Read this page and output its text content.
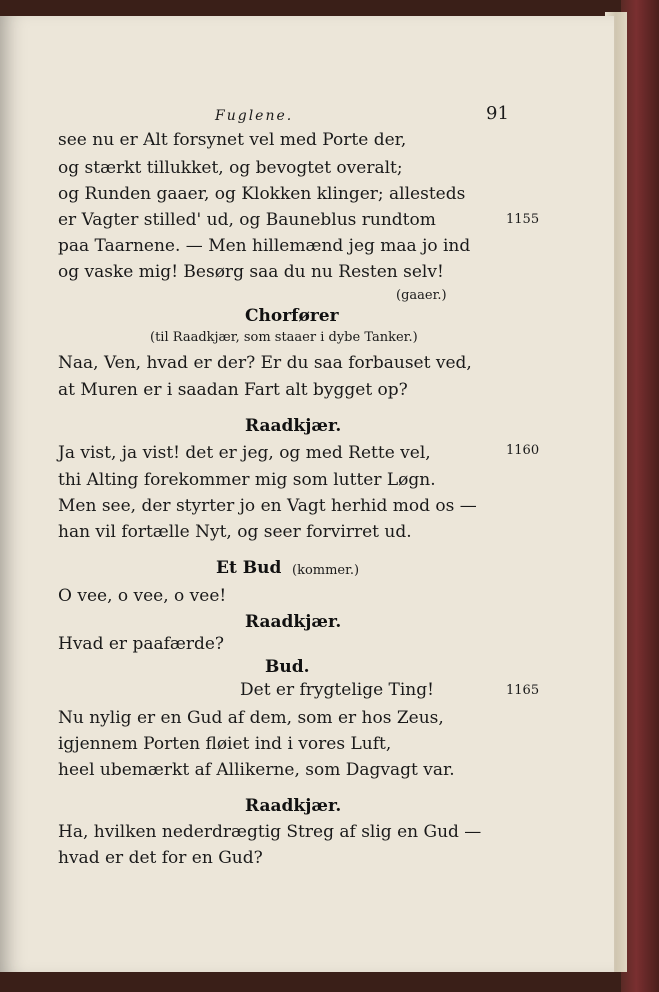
Fuglene.	91
see nu er Alt forsynet vel med Porte der,
og stærkt tillukket, og bevogtet overalt;
og Runden gaaer, og Klokken klinger; allesteds
er Vagter stilled' ud, og Bauneblus rundtom	1155
paa Taarnene. — Men hillemænd jeg maa jo ind
og vaske mig! Besørg saa du nu Resten selv!
(gaaer.)
Chorfører
(til Raadkjær, som staaer i dybe Tanker.)
Naa, Ven, hvad er der? Er du saa forbauset ved,
at Muren er i saadan Fart alt bygget op?
Raadkjær.
Ja vist, ja vist! det er jeg, og med Rette vel,	1160
thi Alting forekommer mig som lutter Løgn.
Men see, der styrter jo en Vagt herhid mod os —
han vil fortælle Nyt, og seer forvirret ud.
Et Bud (kommer.)
O vee, o vee, o vee!
Raadkjær.
Hvad er paafærde?
Bud.
Det er frygtelige Ting!	1165
Nu nylig er en Gud af dem, som er hos Zeus,
igjennem Porten fløiet ind i vores Luft,
heel ubemærkt af Allikerne, som Dagvagt var.
Raadkjær.
Ha, hvilken nederdrægtig Streg af slig en Gud —
hvad er det for en Gud?
